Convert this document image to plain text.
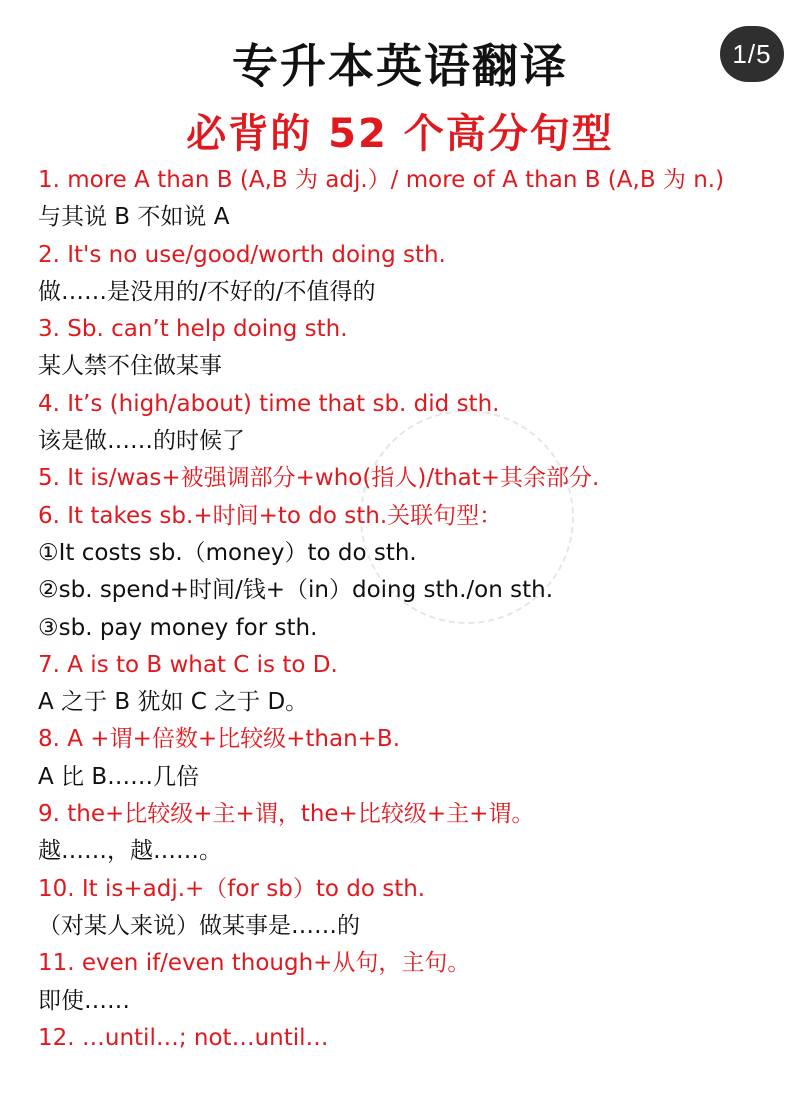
1/5
专升本英语翻译
必背的 52 个高分句型
1. more A than B (A,B 为 adj.）/ more of A than B (A,B 为 n.)
与其说 B 不如说 A
2. It's no use/good/worth doing sth.
做……是没用的/不好的/不值得的
3. Sb. can’t help doing sth.
某人禁不住做某事
4. It’s (high/about) time that sb. did sth.
该是做……的时候了
5. It is/was+被强调部分+who(指人)/that+其余部分.
6. It takes sb.+时间+to do sth.关联句型：
①It costs sb.（money）to do sth.
②sb. spend+时间/钱+（in）doing sth./on sth.
③sb. pay money for sth.
7. A is to B what C is to D.
A 之于 B 犹如 C 之于 D。
8. A +谓+倍数+比较级+than+B.
A 比 B……几倍
9. the+比较级+主+谓，the+比较级+主+谓。
越……，越……。
10. It is+adj.+（for sb）to do sth.
（对某人来说）做某事是……的
11. even if/even though+从句，主句。
即使……
12. …until…; not…until…
